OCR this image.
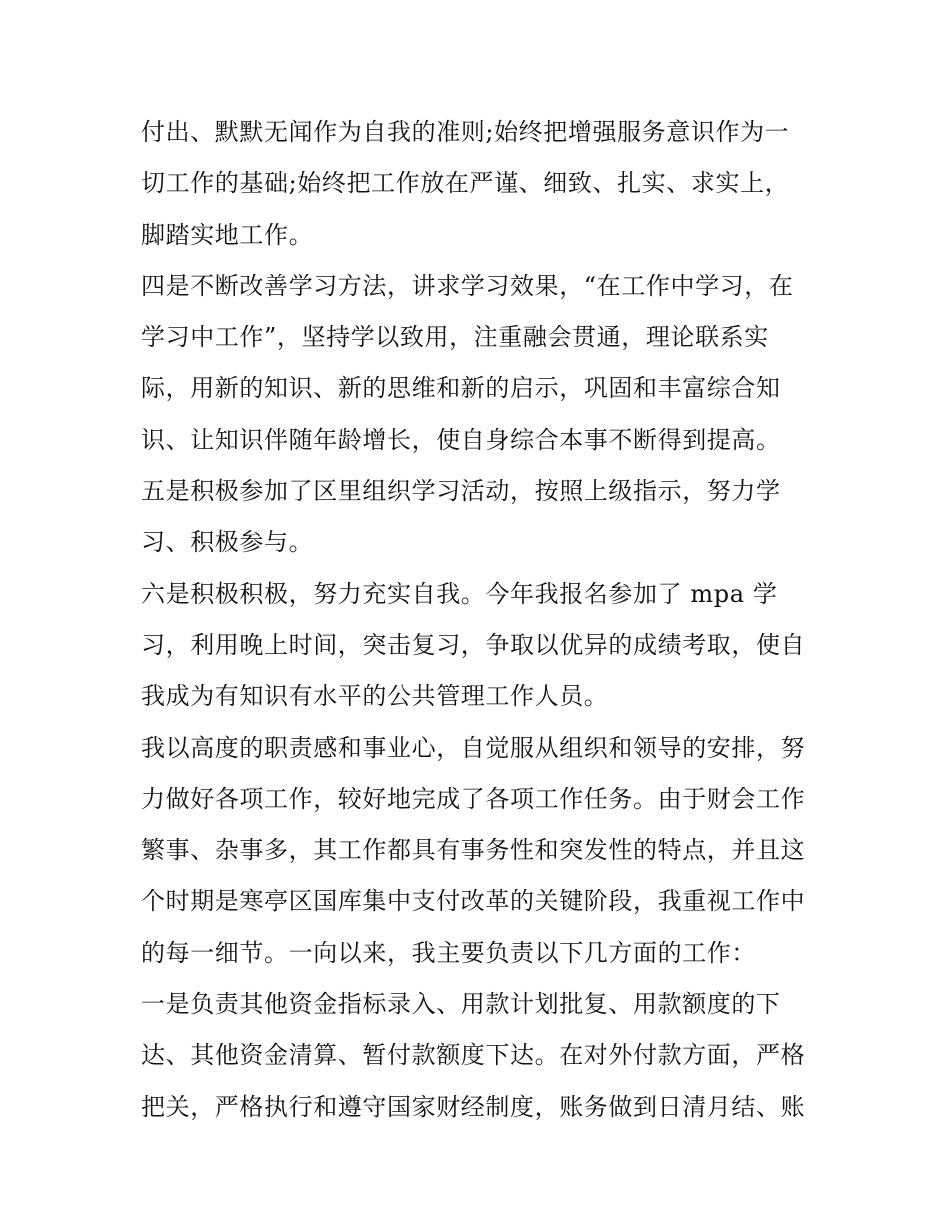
付出、默默无闻作为自我的准则;始终把增强服务意识作为一
切工作的基础;始终把工作放在严谨、细致、扎实、求实上，
脚踏实地工作。
四是不断改善学习方法，讲求学习效果，“在工作中学习，在
学习中工作”，坚持学以致用，注重融会贯通，理论联系实
际，用新的知识、新的思维和新的启示，巩固和丰富综合知
识、让知识伴随年龄增长，使自身综合本事不断得到提高。
五是积极参加了区里组织学习活动，按照上级指示，努力学
习、积极参与。
六是积极积极，努力充实自我。今年我报名参加了 mpa 学
习，利用晚上时间，突击复习，争取以优异的成绩考取，使自
我成为有知识有水平的公共管理工作人员。
我以高度的职责感和事业心，自觉服从组织和领导的安排，努
力做好各项工作，较好地完成了各项工作任务。由于财会工作
繁事、杂事多，其工作都具有事务性和突发性的特点，并且这
个时期是寒亭区国库集中支付改革的关键阶段，我重视工作中
的每一细节。一向以来，我主要负责以下几方面的工作：
一是负责其他资金指标录入、用款计划批复、用款额度的下
达、其他资金清算、暂付款额度下达。在对外付款方面，严格
把关，严格执行和遵守国家财经制度，账务做到日清月结、账
